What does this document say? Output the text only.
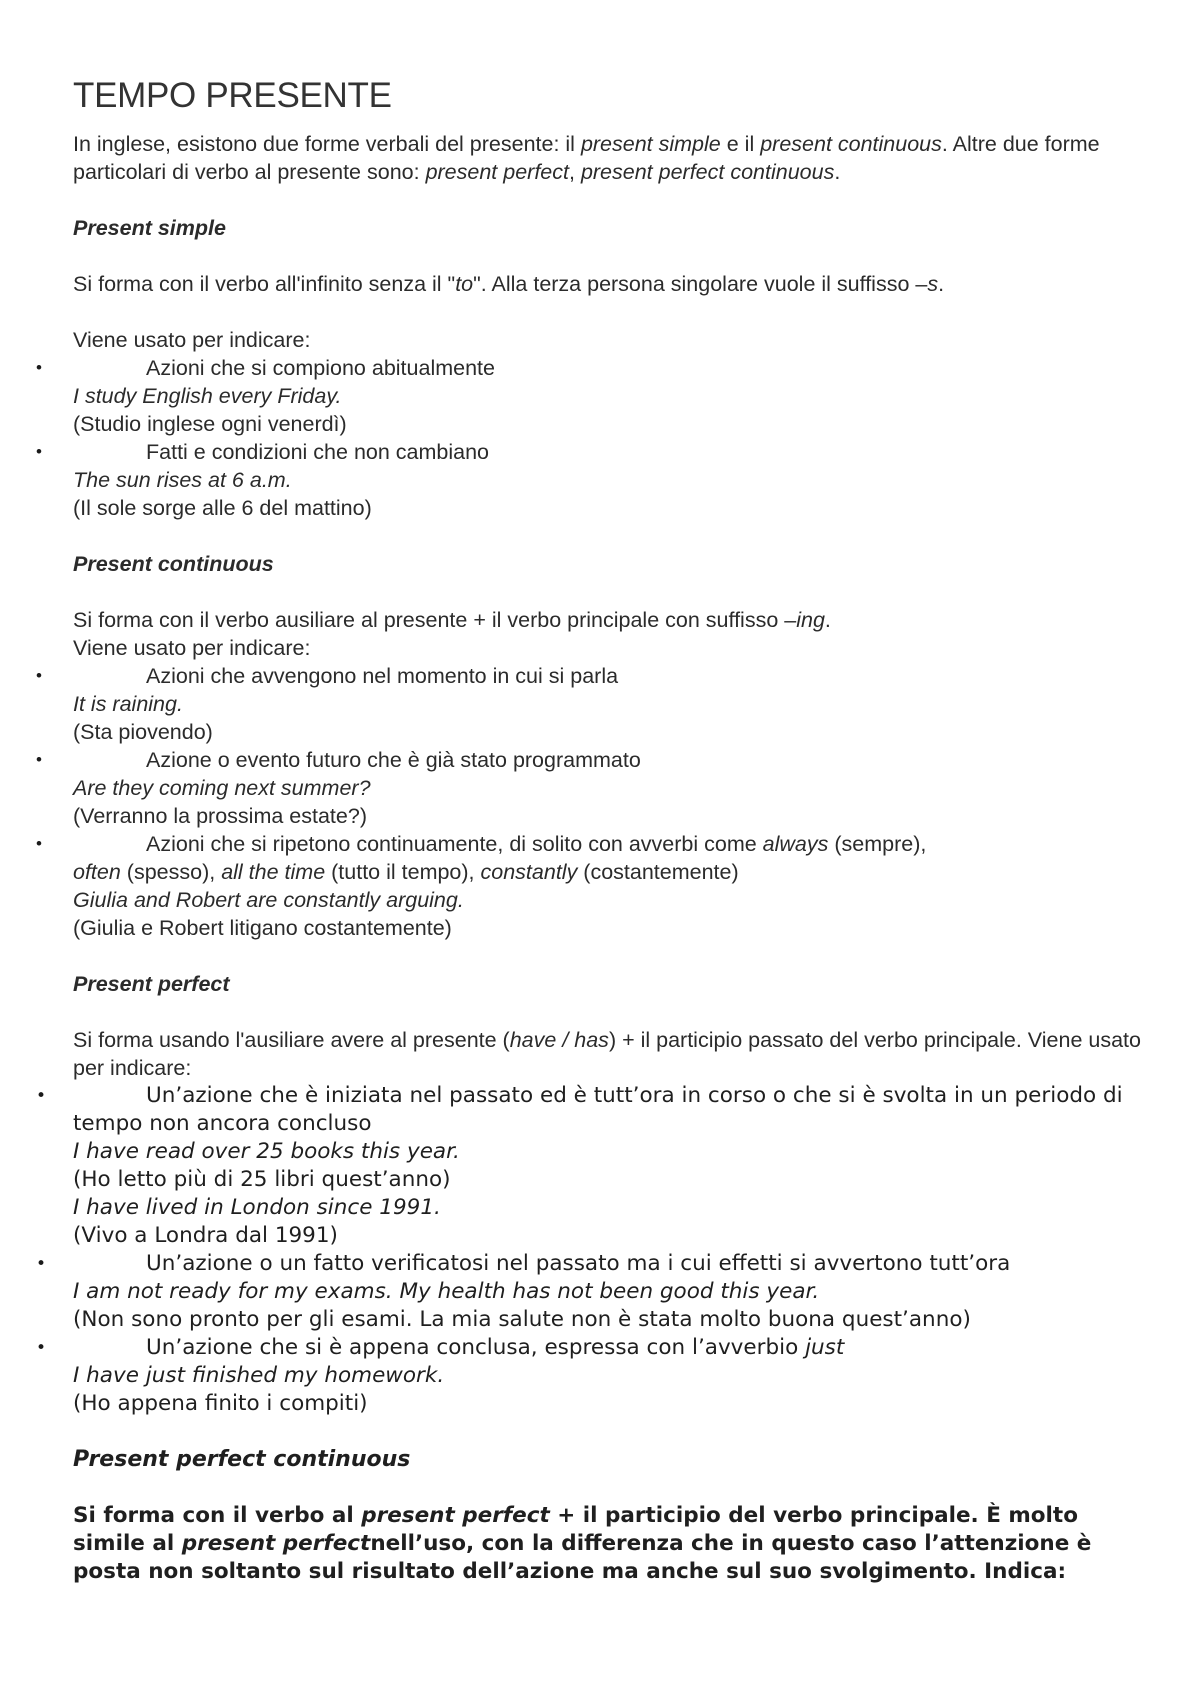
TEMPO PRESENTE

In inglese, esistono due forme verbali del presente: il present simple e il present continuous. Altre due forme particolari di verbo al presente sono: present perfect, present perfect continuous.

Present simple

Si forma con il verbo all'infinito senza il "to". Alla terza persona singolare vuole il suffisso –s.

Viene usato per indicare:

•	Azioni che si compiono abitualmente

I study English every Friday.

(Studio inglese ogni venerdì)

•	Fatti e condizioni che non cambiano

The sun rises at 6 a.m.

(Il sole sorge alle 6 del mattino)

Present continuous

Si forma con il verbo ausiliare al presente + il verbo principale con suffisso –ing.

Viene usato per indicare:

•	Azioni che avvengono nel momento in cui si parla

It is raining.

(Sta piovendo)

•	Azione o evento futuro che è già stato programmato

Are they coming next summer?

(Verranno la prossima estate?)

•	Azioni che si ripetono continuamente, di solito con avverbi come always (sempre),

often (spesso), all the time (tutto il tempo), constantly (costantemente)

Giulia and Robert are constantly arguing.

(Giulia e Robert litigano costantemente)

Present perfect

Si forma usando l'ausiliare avere al presente (have / has) + il participio passato del verbo principale. Viene usato per indicare:

•	Un’azione che è iniziata nel passato ed è tutt’ora in corso o che si è svolta in un periodo di tempo non ancora concluso

I have read over 25 books this year.

(Ho letto più di 25 libri quest’anno)

I have lived in London since 1991.

(Vivo a Londra dal 1991)

•	Un’azione o un fatto verificatosi nel passato ma i cui effetti si avvertono tutt’ora

I am not ready for my exams. My health has not been good this year.

(Non sono pronto per gli esami. La mia salute non è stata molto buona quest’anno)

•	Un’azione che si è appena conclusa, espressa con l’avverbio just

I have just finished my homework.

(Ho appena finito i compiti)

Present perfect continuous

Si forma con il verbo al present perfect + il participio del verbo principale. È molto simile al present perfectnell’uso, con la differenza che in questo caso l’attenzione è posta non soltanto sul risultato dell’azione ma anche sul suo svolgimento. Indica:
